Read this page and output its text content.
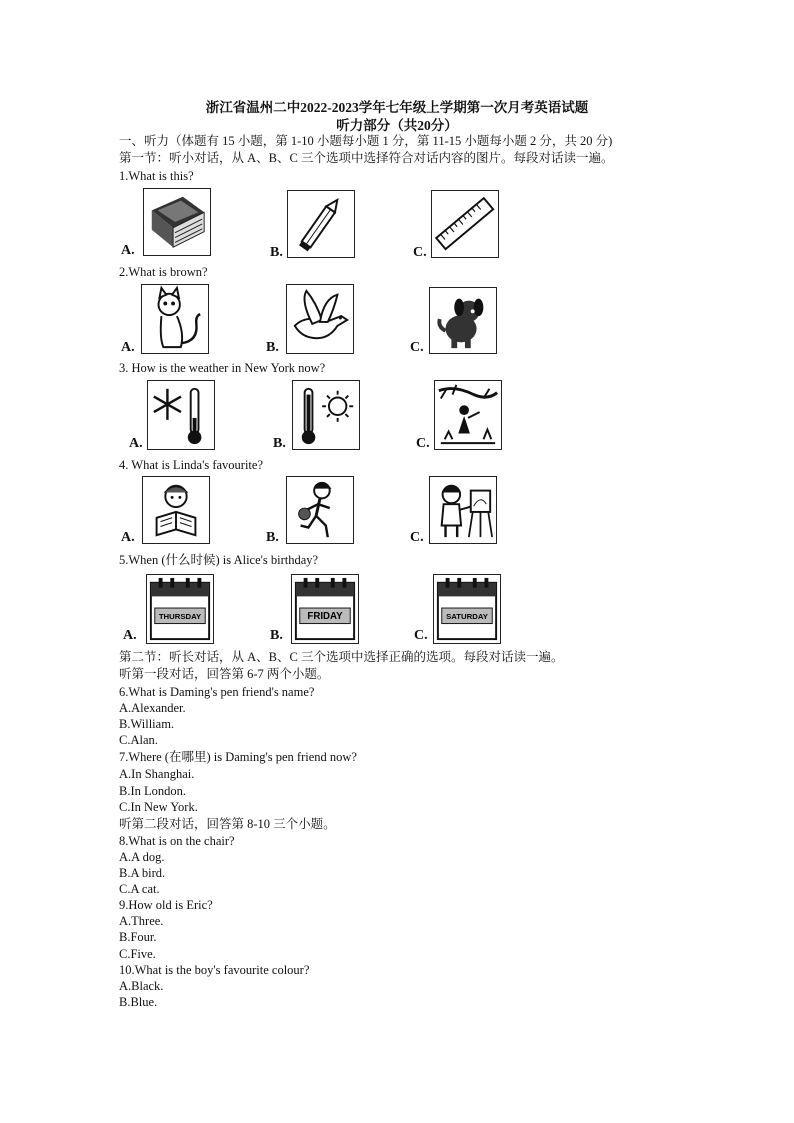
浙江省温州二中2022-2023学年七年级上学期第一次月考英语试题
听力部分（共20分）
一、听力（体题有 15 小题，第 1-10 小题每小题 1 分，第 11-15 小题每小题 2 分，共 20 分)
第一节：听小对话，从 A、B、C 三个选项中选择符合对话内容的图片。每段对话读一遍。
1.What is this?
A.	B.	C.
2.What is brown?
A.	B.	C.
3. How is the weather in New York now?
A.	B.	C.
4. What is Linda's favourite?
A.	B.	C.
5.When (什么时候) is Alice's birthday?
A.
THURSDAY
B.
FRIDAY
C.
SATURDAY
第二节：听长对话，从 A、B、C 三个选项中选择正确的选项。每段对话读一遍。
听第一段对话，回答第 6-7 两个小题。
6.What is Daming's pen friend's name?
A.Alexander.
B.William.
C.Alan.
7.Where (在哪里) is Daming's pen friend now?
A.In Shanghai.
B.In London.
C.In New York.
听第二段对话，回答第 8-10 三个小题。
8.What is on the chair?
A.A dog.
B.A bird.
C.A cat.
9.How old is Eric?
A.Three.
B.Four.
C.Five.
10.What is the boy's favourite colour?
A.Black.
B.Blue.
